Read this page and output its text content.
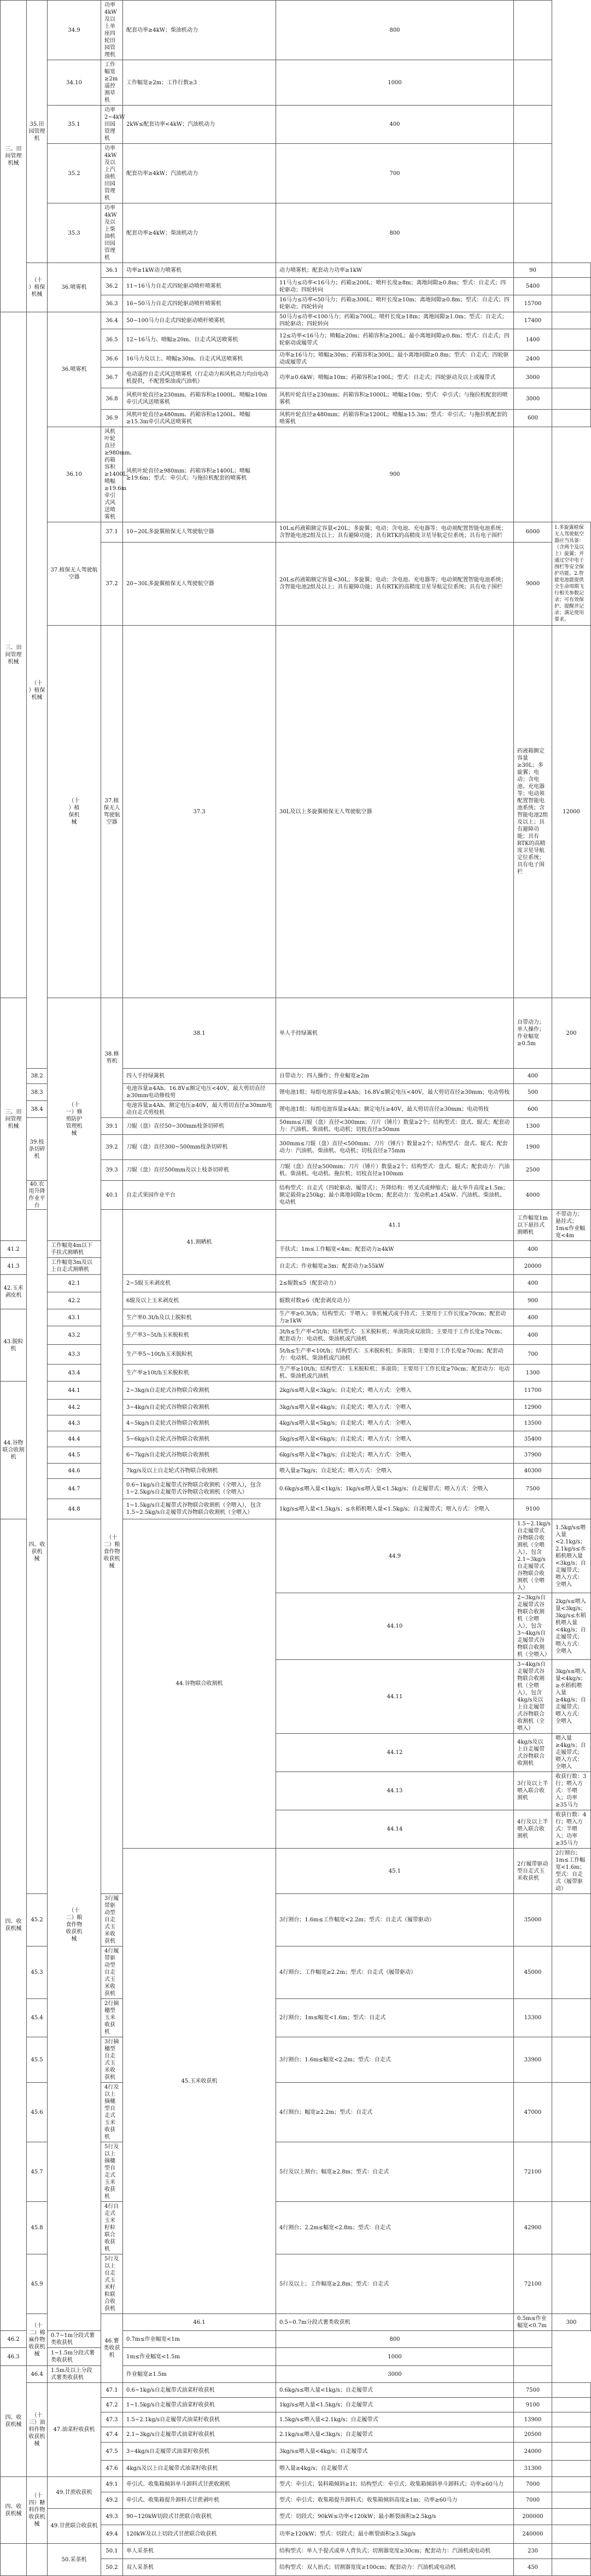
三、田
间管理
机械	35.田园管理机	34.9	功率4kW及以上单座四轮田园管理机	配套功率≥4kW；柴油机动力	800			
		34.10	工作幅宽≥2m遥控割草机	工作幅宽≥2m；工作行数≥3	1000			
		35.1	功率2~4kW田园管理机	2kW≤配套功率<4kW；汽油机动力	400			
		35.2	功率4kW及以上汽油机田园管理机	配套功率≥4kW；汽油机动力	700			
		35.3	功率4kW及以上柴油机田园管理机	配套功率≥4kW；柴油机动力	800			
	（十
）植保
机械	36.喷雾机	36.1	功率≥1kW动力喷雾机	动力喷雾机；配套动力功率≥1kW	90		
			36.2	11~16马力自走式四轮驱动喷杆喷雾机	11马力≤功率<16马力；药箱≥200L；喷杆长度≥8m；离地间隙≥0.8m；型式：自走式；四轮驱动；四轮转向	5400		
			36.3	16~50马力自走式四轮驱动喷杆喷雾机	16马力≤功率<50马力；药箱≥300L；喷杆长度≥10m；离地间隙≥0.8m；型式：自走式；四轮驱动；四轮转向	15700		
三、田
间管理
机械	（十
）植保
机械	36.喷雾机	36.4	50~100马力自走式四轮驱动喷杆喷雾机	50马力≤功率<100马力；药箱≥700L；喷杆长度≥18m；离地间隙≥1.0m；型式：自走式；四轮驱动；四轮转向	17400		
			36.5	12~16马力、喷幅≥20m、自走式风送喷雾机	12≤功率<16马力；喷幅≥20m；药箱容积≥200L；最小离地间隙≥0.8m；型式：自走式；四轮驱动或履带式	1400		
			36.6	16马力及以上、喷幅≥30m、自走式风送喷雾机	功率≥16马力；喷幅≥30m；药箱容积≥300L；最小离地间隙≥0.8m；型式：自走式；四轮驱动或履带式	2400		
			36.7	电动遥控自走式风送喷雾机（行走动力和风机动力均由电动机提供，不配置柴油或汽油机）	功率≥0.6kW；喷幅≥10m；药箱容积≥100L；型式：自走式；四轮驱动及以上或履带式	3000		
			36.8	风机叶轮直径≥230mm、药箱容积≥1000L、喷幅≥10m牵引式风送喷雾机	风机叶轮直径≥230mm；药箱容积≥1000L；喷幅≥10m；型式：牵引式；与拖拉机配套的喷雾机	3000		
			36.9	风机叶轮直径≥480mm、药箱容积≥1200L、喷幅≥15.3m牵引式风送喷雾机	风机叶轮直径≥480mm；药箱容积≥1200L；喷幅≥15.3m；型式：牵引式；与拖拉机配套的喷雾机	600		
		36.10	风机叶轮直径≥980mm、药箱容积≥1400L、喷幅≥19.6m牵引式风送喷雾机	风机叶轮直径≥980mm；药箱容积≥1400L；喷幅≥19.6m；型式：牵引式；与拖拉机配套的喷雾机	900			
		37.植保无人驾驶航空器	37.1	10~20L多旋翼植保无人驾驶航空器	10L≤药液箱额定容量<20L；多旋翼；电动；含电池、充电器等；电动须配置智能电池系统；含智能电池2组及以上；具有避障功能；具有RTK的高精度卫星导航定位系统；具有电子围栏	6000	1.多旋翼植保无人驾驶航空器应当具备：（含两个及以上）旋翼；并通过空中电子围栏等安全保护功能。2.智能电池能提供全生命周期飞行相关参数记录；可有效保护、提醒并记录；满足使用要求。	
			37.2	20~30L多旋翼植保无人驾驶航空器	20L≤药液箱额定容量<30L；多旋翼；电动；含电池、充电器等；电动须配置智能电池系统；含智能电池2组及以上；具有避障功能；具有RTK的高精度卫星导航定位系统；具有电子围栏	9000		
		（十
）植
保机
械	37.植保无人驾驶航空器	37.3	30L及以上多旋翼植保无人驾驶航空器	药液箱额定容量≥30L；多旋翼；电动；含电池、充电器等；电动须配置智能电池系统；含智能电池2组及以上；具有避障功能；具有RTK的高精度卫星导航定位系统；具有电子围栏	12000	
三、田
间管理
机械		（十
一）修
剪防护
管理机
械	38.修剪机	38.1	单人手持绿篱机	自带动力；单人操作；作业幅宽≥0.5m	200	
	38.2			四人手持绿篱机	自带动力；四人操作；作业幅宽≥2m	400		
	38.3			电池容量≥4Ah、16.8V≤额定电压<40V，最大剪切直径≥30mm电动修枝剪	锂电池1组；每组电池容量≥4Ah；16.8V≤额定电压<40V，最大剪切直径≥30mm；电动剪枝	500		
	38.4			电池容量≥4Ah、额定电压≥40V，最大剪切直径≥30mm电动自走式剪枝机	锂电池1组；每组电池容量≥4Ah；额定电压≥40V，最大剪切直径≥30mm；电动剪枝	600		
	39.枝条切碎机		39.1	刀辊（盘）直径50~300mm枝条切碎机	50mm≤刀辊（盘）直径<300mm；刀片（锤片）数量≥2个；结构型式：盘式、辊式；配套动力：汽油机、柴油机、电动机；切枝直径≥50mm	1300		
			39.2	刀辊（盘）直径300~500mm枝条切碎机	300mm≤刀辊（盘）直径<500mm；刀片（锤片）数量≥2个；结构型式：盘式、辊式；配套动力：汽油机、柴油机、电动机；切枝直径≥75mm	1900		
			39.3	刀辊（盘）直径500mm及以上枝条切碎机	刀辊（盘）直径≥500mm；刀片（锤片）数量≥2个；结构型式：盘式、辊式；配套动力：汽油机、柴油机、电动机、拖拉机；切枝直径≥100mm	2500		
	40.农用升降作业平台		40.1	自走式果园作业平台	结构型式：自走式（四轮驱动、履带式）；升降结构：剪叉式或伸缩式；最大举升高度≥1.5m；额定载荷≥250kg；最小离地间隙≥10cm；配套动力：发动机≥1.45kW、汽油机、柴油机、电动机	4000		
	四、收
获机
械		（十
二）粮
食作物
收获机
械	41.割晒机	41.1	工作幅宽1m以下悬挂式割晒机	不带动力；悬挂式；1m≤作业幅宽<4m		
41.2		工作幅宽4m以下手扶式割晒机			手扶式；1m≤工作幅宽<4m；配套动力≥4kW	400		
41.3		工作幅宽3m及以上自走式割晒机			自走式；作业幅宽≥3m；配套动力≥55kW	20000		
42.玉米剥皮机		42.1		2~5辊玉米剥皮机	2≤辊数≤5（配套动力）	400		
		42.2		6辊及以上玉米剥皮机	辊数对数≥6（配套剥皮动力）	900		
43.脱粒机		43.1		生产率0.3t/h及以上脱粒机	生产率≥0.3t/h；结构型式：半喂入；非机械式或手持式；主要用于工作长度≥70cm；配套动力≥1kW	400		
		43.2		生产率3~5t/h玉米脱粒机	3t/h≤生产率<5t/h；结构型式：玉米脱粒机；单滚筒或双滚筒；主要用于工作长度≥70cm；配套动力：电动机、柴油机或汽油机	400		
		43.3		生产率5~10t/h玉米脱粒机	5t/h≤生产率<10t/h；结构型式：玉米脱粒机；多滚筒；主要用于工作长度≥70cm；配套动力：电动机、柴油机或汽油机	700		
		43.4		生产率≥10t/h玉米脱粒机	生产率≥10t/h；结构型式：玉米脱粒机；多滚筒；主要用于工作长度≥70cm；配套动力：电动机、柴油机或汽油机	1300		
44.谷物联合收割机		44.1		2~3kg/s自走轮式谷物联合收割机	2kg/s≤喂入量<3kg/s；自走轮式；喂入方式：全喂入	11700		
		44.2		3~4kg/s自走轮式谷物联合收割机	3kg/s≤喂入量<4kg/s；自走轮式；喂入方式：全喂入	12900		
		44.3		4~5kg/s自走轮式谷物联合收割机	4kg/s≤喂入量<5kg/s；自走轮式；喂入方式：全喂入	13500		
		44.4		5~6kg/s自走轮式谷物联合收割机	5kg/s≤喂入量<6kg/s；自走轮式；喂入方式：全喂入	35400		
		44.5		6~7kg/s自走轮式谷物联合收割机	6kg/s≤喂入量<7kg/s；自走轮式；喂入方式：全喂入	37900		
		44.6		7kg/s及以上自走轮式谷物联合收割机	喂入量≥7kg/s；自走轮式；喂入方式：全喂入	40300		
		44.7		0.6~1kg/s自走履带式谷物联合收割机（全喂入），包含1~2.5kg/s自走履带式谷物联合收割机（全喂入）	0.6kg/s≤喂入量<1kg/s；1kg/s≤喂入量<1.5kg/s；自走履带式；喂入方式：全喂入	7500		
		44.8		1~1.5kg/s自走履带式谷物联合收割机（全喂入），包含1.5~2.5kg/s自走履带式谷物联合收割机（全喂入）	1kg/s≤喂入量<1.5kg/s；≤水稻机喂入量<1.5kg/s；自走履带式；喂入方式：全喂入	9100		
四、收
获机械		（十
二）粮
食作物
收获机
械		44.谷物联合收割机	44.9	1.5~2.1kg/s自走履带式谷物联合收割机（全喂入），包含2.1~3kg/s自走履带式谷物联合收割机（全喂入）	1.5kg/s≤喂入量<2.1kg/s；2.1kg/s≤水稻机喂入量<3kg/s；自走履带式；喂入方式：全喂入		
					44.10	2~3kg/s自走履带式谷物联合收割机（全喂入），包含3~4kg/s自走履带式谷物联合收割机（全喂入）	2kg/s≤喂入量<3kg/s；3kg/s≤水稻机喂入量<4kg/s；自走履带式；喂入方式：全喂入		
					44.11	3~4kg/s自走履带式谷物联合收割机（全喂入），包含4kg/s及以上自走履带式谷物联合收割机（全喂入）	3kg/s≤喂入量<4kg/s；≥水稻机喂入量≥4kg/s；自走履带式；喂入方式：全喂入		
					44.12	4kg/s及以上自走履带式谷物联合收割机	喂入量≥4kg/s；自走履带式；喂入方式：全喂入		
					44.13	3行及以上半喂入联合收割机	收获行数：3行；喂入方式：半喂入；功率≥35马力		
					44.14	4行及以上半喂入联合收割机	收获行数：4行；喂入方式：半喂入；功率≥35马力		
				45.玉米收获机	45.1	2行履带驱动型自走式玉米收获机	2行割台；1m≤工作幅宽<1.6m；型式：自走式（履带驱动）		
	45.2		3行履带驱动型自走式玉米收获机		3行割台；1.6m≤工作幅宽<2.2m；型式：自走式（履带驱动）	35000		
	45.3		4行履带驱动型自走式玉米收获机		4行割台；工作幅宽≥2.2m；型式：自走式（履带驱动）	45000		
	45.4		2行摘穗型玉米收获机		2行割台；1m≤幅宽<1.6m；型式：自走式	13300		
	45.5		3行摘穗型自走式玉米收获机		3行割台；1.6m≤幅宽<2.2m；型式：自走式	33900		
	45.6		4行及以上摘穗型自走式玉米收获机		4行割台；幅宽≥2.2m；型式：自走式	47000		
	45.7		5行及以上摘穗型自走式玉米收获机		5行及以上割台；幅宽≥2.8m；型式：自走式	72100		
	45.8		4行自走式玉米籽粒联合收获机		4行割台；2.2m≤幅宽<2.8m；型式：自走式	42900		
	45.9		5行及以上自走式玉米籽粒联合收获机		5行及以上；工作幅宽≥2.8m；型式：自走式	72100		
	（十
二）棉
麻作物
收获机
械		46.薯类收获机	46.1	0.5~0.7m分段式薯类收获机	0.5m≤作业幅宽<0.7m	300	
46.2		0.7~1m分段式薯类收获机		0.7m≤作业幅宽<1m	800			
46.3		1~1.5m分段式薯类收获机		1m≤作业幅宽<1.5m	1000			
四、收
获机械	46.4	1.5m及以上分段式薯类收获机		作业幅宽≥1.5m	3000			
	（十
三）油
料作物
收获机
械	47.油菜籽收获机	47.1	0.6~1kg/s自走履带式油菜籽收获机	0.6kg/s≤喂入量<1kg/s；自走履带式	7500		
			47.2	1~1.5kg/s自走履带式油菜籽收获机	1kg/s≤喂入量<1.5kg/s；自走履带式	9100		
			47.3	1.5~2.1kg/s自走履带式油菜籽收获机	1.5kg/s≤喂入量<2.1kg/s；自走履带式	13900		
			47.4	2.1~3kg/s自走履带式油菜籽收获机	2.1kg/s≤喂入量<3kg/s；自走履带式	20500		
			47.5	3~4kg/s自走履带式油菜籽收获机	3kg/s≤喂入量<4kg/s；自走履带式	24000		
			47.6	4kg/s及以上自走履带式油菜籽收获机	喂入量≥4kg/s；自走履带式	31300		
四、收
获机械	（十
四）糖
料作物
收获机
械	49.甘蔗收获机	49.1	牵引式、收集箱倾斜单斗卸料式甘蔗收割机	型式：牵引式；装料箱倾斜≥1t；结构型式：牵引式；收集箱倾斜单斗卸料式；功率≥60马力	7000		
			49.2	牵引式、收集箱提升卸料式甘蔗剥叶机	型式：牵引式；收集箱提升卸料式；收集箱倾斜高度≥1m；功率≥60马力	7000		
		49.甘蔗联合收获机	49.3	90~120kW切段式甘蔗联合收获机	型式：切段式；90kW≤功率<120kW；最小断裂面积≥2.5kg/s	200000		
			49.4	120kW及以上切段式甘蔗联合收获机	功率≥120kW；型式：切段式；最小断裂面积≥3.5kg/s	240000		
		50.采茶机	50.1	单人采茶机	结构型式：单人手提式或单人背负式；切割器宽度≥30cm；配套动力：汽油机或电动机	230		
			50.2	双人采茶机	结构型式：双人抬式；切割器宽度≥100cm；配套动力：汽油机或电动机	450		
